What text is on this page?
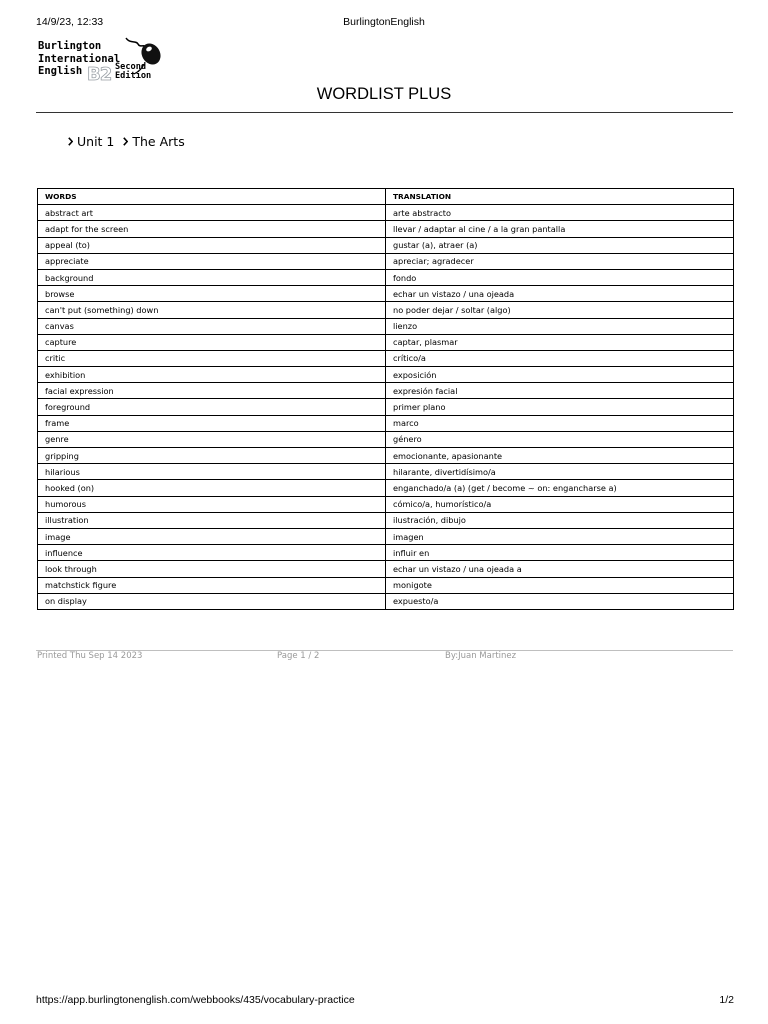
14/9/23, 12:33	BurlingtonEnglish
Burlington
International
English B2 Second
Edition
WORDLIST PLUS
Unit 1 The Arts
WORDS	TRANSLATION
abstract art	arte abstracto
adapt for the screen	llevar / adaptar al cine / a la gran pantalla
appeal (to)	gustar (a), atraer (a)
appreciate	apreciar; agradecer
background	fondo
browse	echar un vistazo / una ojeada
can't put (something) down	no poder dejar / soltar (algo)
canvas	lienzo
capture	captar, plasmar
critic	crítico/a
exhibition	exposición
facial expression	expresión facial
foreground	primer plano
frame	marco
genre	género
gripping	emocionante, apasionante
hilarious	hilarante, divertidísimo/a
hooked (on)	enganchado/a (a) (get / become ~ on: engancharse a)
humorous	cómico/a, humorístico/a
illustration	ilustración, dibujo
image	imagen
influence	influir en
look through	echar un vistazo / una ojeada a
matchstick figure	monigote
on display	expuesto/a
Printed Thu Sep 14 2023	Page 1 / 2	By:Juan Martinez
https://app.burlingtonenglish.com/webbooks/435/vocabulary-practice	1/2
